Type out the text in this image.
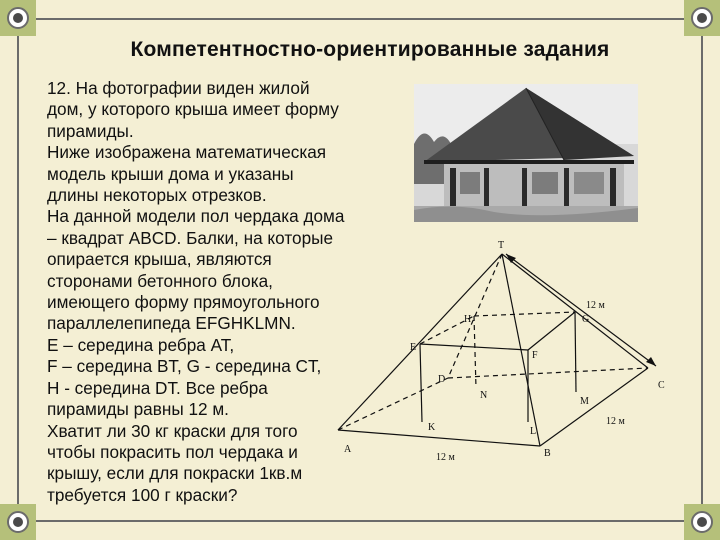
Компетентностно-ориентированные задания
12. На фотографии виден жилой
дом, у которого крыша имеет форму
пирамиды.
Ниже изображена математическая
модель крыши дома и указаны
длины некоторых отрезков.
На данной модели пол чердака дома
– квадрат ABCD. Балки, на которые
опирается крыша, являются
сторонами бетонного блока,
имеющего форму прямоугольного
параллелепипеда EFGHKLMN.
E – середина ребра AT,
F – середина BT, G - середина CT,
H - середина DT. Все ребра
пирамиды равны 12 м.
Хватит ли 30 кг краски для того
чтобы покрасить пол чердака и
крышу, если для покраски 1кв.м
требуется 100 г краски?
T
A	B
C
D
E
F
G
H
K	L
M
N
12 м
12 м
12 м
